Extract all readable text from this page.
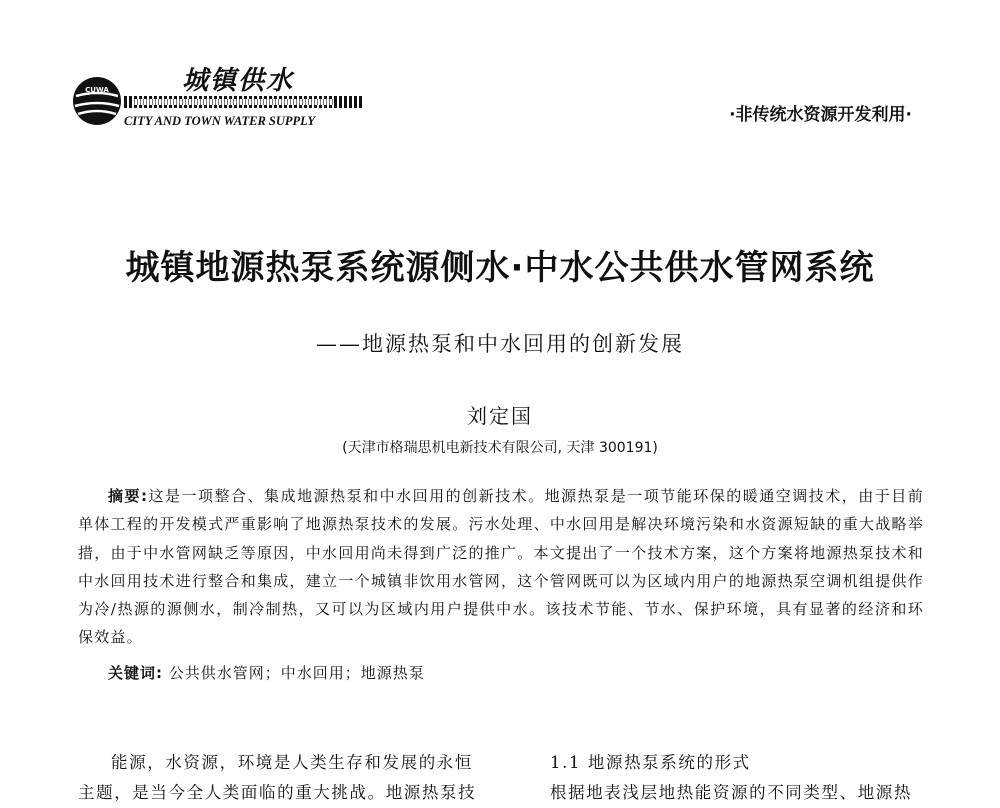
CUWA	城镇供水
CITY AND TOWN WATER SUPPLY	·非传统水资源开发利用·
城镇地源热泵系统源侧水·中水公共供水管网系统
——地源热泵和中水回用的创新发展
刘定国
(天津市格瑞思机电新技术有限公司, 天津 300191)
摘要:这是一项整合、集成地源热泵和中水回用的创新技术。地源热泵是一项节能环保的暖通空调技术，由于目前单体工程的开发模式严重影响了地源热泵技术的发展。污水处理、中水回用是解决环境污染和水资源短缺的重大战略举措，由于中水管网缺乏等原因，中水回用尚未得到广泛的推广。本文提出了一个技术方案，这个方案将地源热泵技术和中水回用技术进行整合和集成，建立一个城镇非饮用水管网，这个管网既可以为区域内用户的地源热泵空调机组提供作为冷/热源的源侧水，制冷制热，又可以为区域内用户提供中水。该技术节能、节水、保护环境，具有显著的经济和环保效益。
关键词: 公共供水管网；中水回用；地源热泵
能源，水资源，环境是人类生存和发展的永恒
主题，是当今全人类面临的重大挑战。地源热泵技
1.1 地源热泵系统的形式
根据地表浅层地热能资源的不同类型、地源热
